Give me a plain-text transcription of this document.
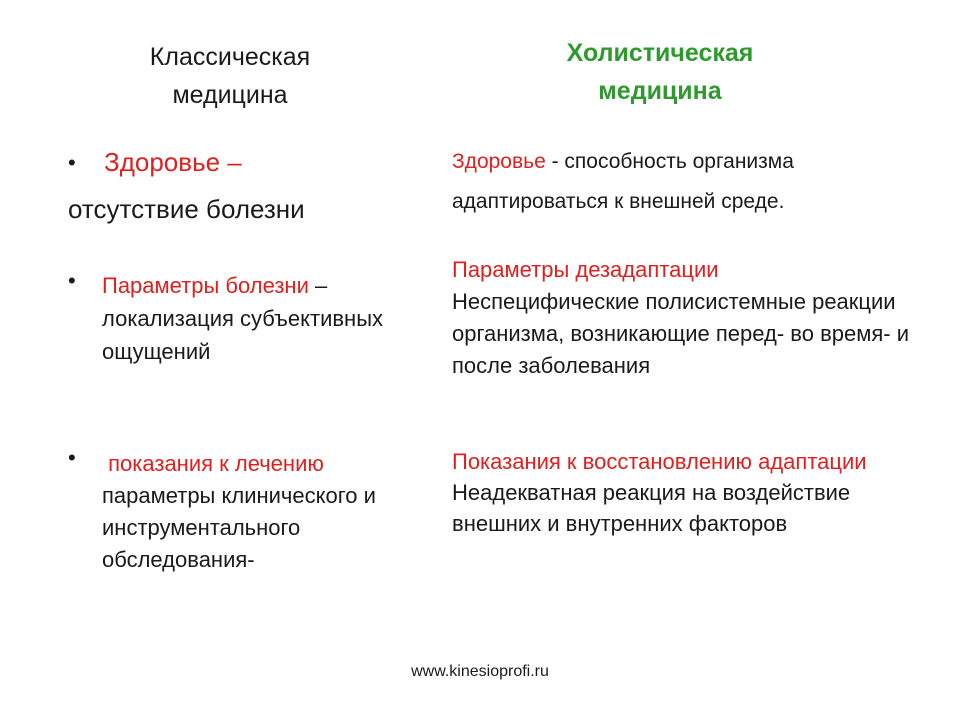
Классическая
медицина
Холистическая
медицина
• Здоровье –
отсутствие болезни
• Параметры болезни – локализация субъективных ощущений
• показания к лечению
параметры клинического и инструментального обследования-
Здоровье - способность организма
адаптироваться к внешней среде.
Параметры дезадаптации
Неспецифические полисистемные реакции организма, возникающие перед- во время- и после заболевания
Показания к восстановлению адаптации
Неадекватная реакция на воздействие внешних и внутренних факторов
www.kinesioprofi.ru
